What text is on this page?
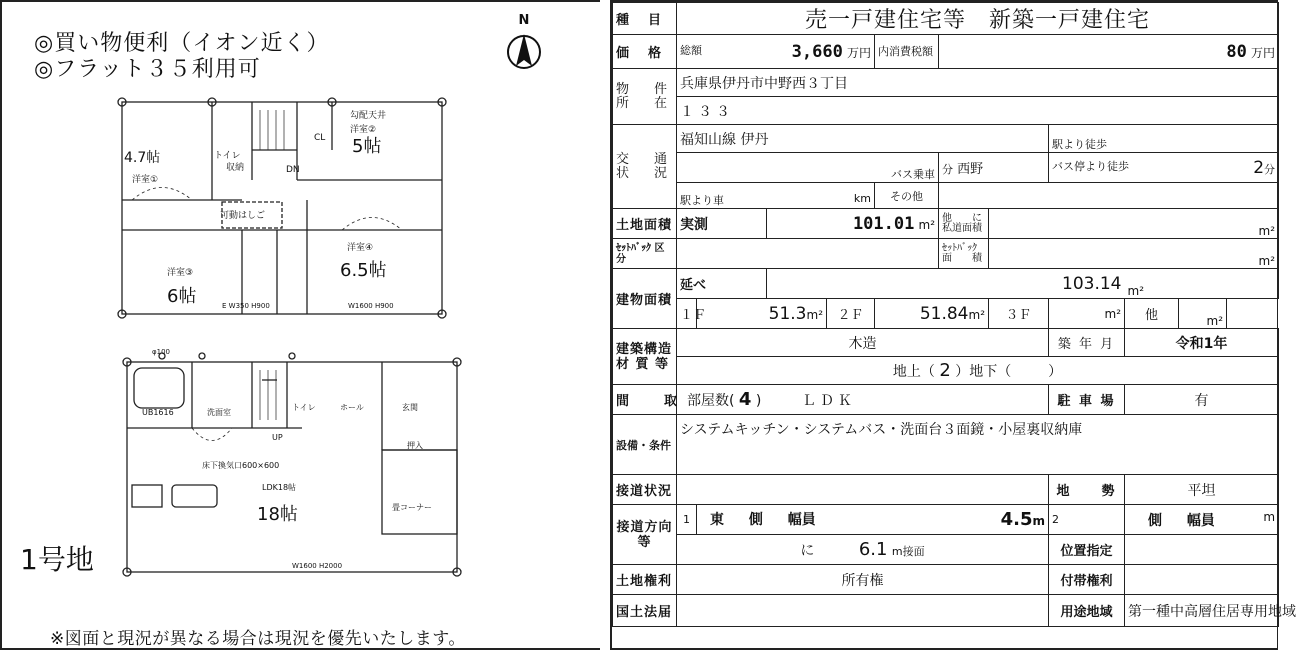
◎買い物便利（イオン近く）
◎フラット３５利用可
N
4.7帖
洋室①
5帖
洋室②
勾配天井
6帖
洋室③	6.5帖
洋室④
トイレ
収納
可動はしご
CL
DN
W1600 H900
E W350 H900
UB1616	洗面室
トイレ	ホール	玄関
押入
畳コーナー
床下換気口600×600
LDK18帖
18帖
W1600 H2000
UP
φ100
1号地
※図面と現況が異なる場合は現況を優先いたします。
種　目	売一戸建住宅等　新築一戸建住宅									
価　格	総額 3,660 万円				内消費税額	80 万円				
物　件 所　在	兵庫県伊丹市中野西３丁目									
	１３３									
交　通 状　況	福知山線 伊丹							駅より徒歩		
	バス乗車					分 西野		バス停より徒歩 2分		

	駅より車 km				その他					
土地面積	実測		101.01 m²			他　　に 私道面積	m²			
ｾｯﾄﾊﾞｯｸ 区　　分						ｾｯﾄﾊﾞｯｸ 面　　積	m²			
建物面積	延べ		103.14						m²	
	１Ｆ	51.3m²		２Ｆ	51.84m²		３Ｆ	m²	他	m²
建築構造 材 質 等	木造							築 年 月	令和1年	
	地上（ 2 ）地下（ ）									
間　　取	部屋数( 4 ) ＬＤＫ							駐 車 場	有	
設備・条件	システムキッチン・システムバス・洗面台３面鏡・小屋裏収納庫									
接道状況								地　　勢	平坦	
接道方向 等	1	東 側 幅員 4.5m						2	側 幅員 m	

	に 6.1 m接面							位置指定		
土地権利	所有権							付帯権利		
国土法届								用途地域	第一種中高層住居専用地域	
